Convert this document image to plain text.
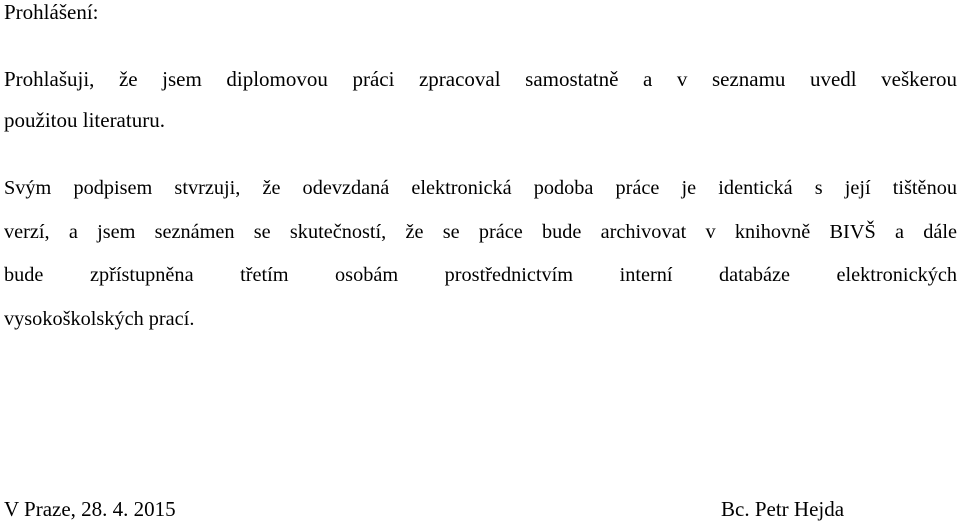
Prohlášení:
Prohlašuji, že jsem diplomovou práci zpracoval samostatně a v seznamu uvedl veškerou
použitou literaturu.
Svým podpisem stvrzuji, že odevzdaná elektronická podoba práce je identická s její tištěnou
verzí, a jsem seznámen se skutečností, že se práce bude archivovat v knihovně BIVŠ a dále
bude zpřístupněna třetím osobám prostřednictvím interní databáze elektronických
vysokoškolských prací.
V Praze, 28. 4. 2015	Bc. Petr Hejda
